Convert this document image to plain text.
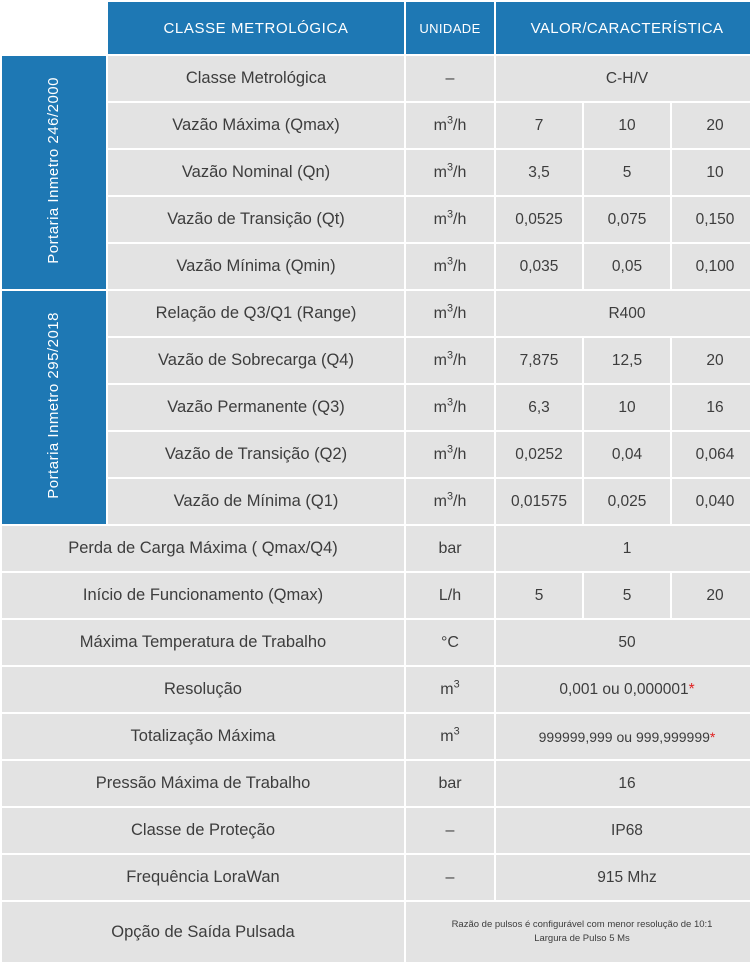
	CLASSE METROLÓGICA	UNIDADE	VALOR/CARACTERÍSTICA		
Portaria Inmetro 246/2000	Classe Metrológica	–	C-H/V		
	Vazão Máxima (Qmax)	$m^3/h$	7	10	20
	Vazão Nominal (Qn)	$m^3/h$	3,5	5	10
	Vazão de Transição (Qt)	$m^3/h$	0,0525	0,075	0,150
	Vazão Mínima (Qmin)	$m^3/h$	0,035	0,05	0,100
Portaria Inmetro 295/2018	Relação de Q3/Q1 (Range)	$m^3/h$	R400		
	Vazão de Sobrecarga (Q4)	$m^3/h$	7,875	12,5	20
	Vazão Permanente (Q3)	$m^3/h$	6,3	10	16
	Vazão de Transição (Q2)	$m^3/h$	0,0252	0,04	0,064
	Vazão de Mínima (Q1)	$m^3/h$	0,01575	0,025	0,040
Perda de Carga Máxima ( Qmax/Q4)		bar	1		
Início de Funcionamento (Qmax)		L/h	5	5	20
Máxima Temperatura de Trabalho		°C	50		
Resolução		$m^3$	0,001 ou 0,000001*		
Totalização Máxima		$m^3$	999999,999 ou 999,999999*		
Pressão Máxima de Trabalho		bar	16		
Classe de Proteção		–	IP68		
Frequência LoraWan		–	915 Mhz		
Opção de Saída Pulsada		Razão de pulsos é configurável com menor resolução de 10:1
Largura de Pulso 5 Ms			
